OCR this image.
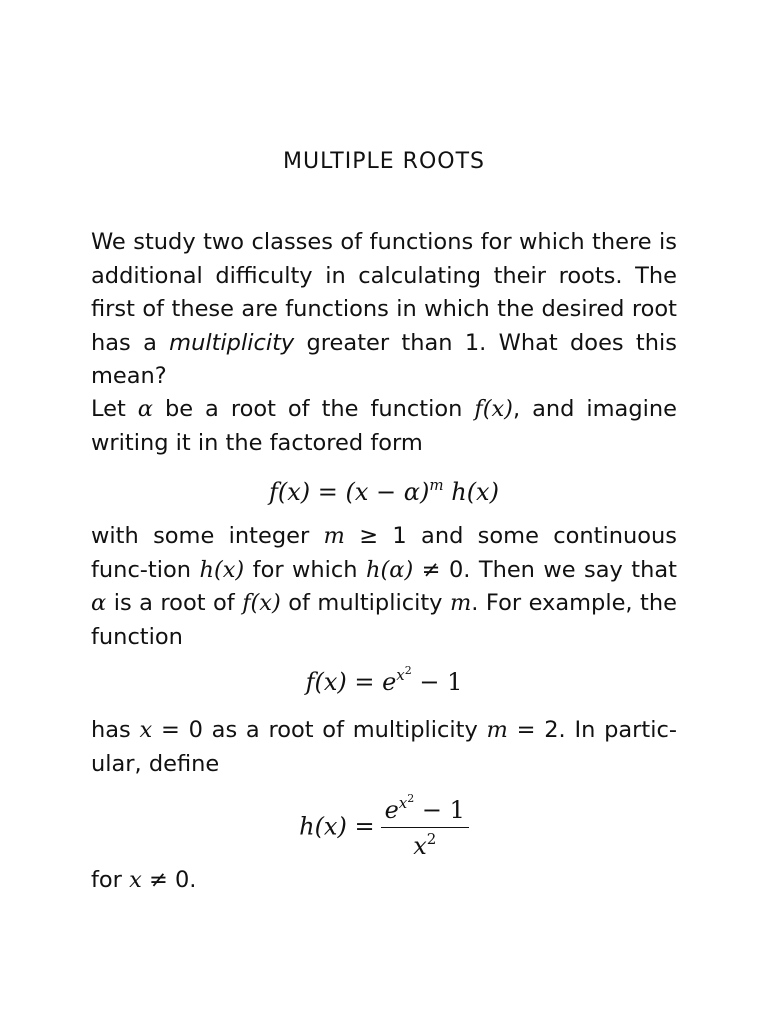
MULTIPLE ROOTS
We study two classes of functions for which there is additional difficulty in calculating their roots. The first of these are functions in which the desired root has a multiplicity greater than 1. What does this mean?
Let α be a root of the function f(x), and imagine writing it in the factored form
$f(x) = (x - \alpha)^m$ h(x)
with some integer m ≥ 1 and some continuous func-tion h(x) for which h(α) ≠ 0. Then we say that α is a root of f(x) of multiplicity m. For example, the function
$f(x) = e^{x^2} - 1$
has x = 0 as a root of multiplicity m = 2. In partic-ular, define
$h(x) = \frac{e^{x^2} - 1}{x^2}$
for x ≠ 0.
